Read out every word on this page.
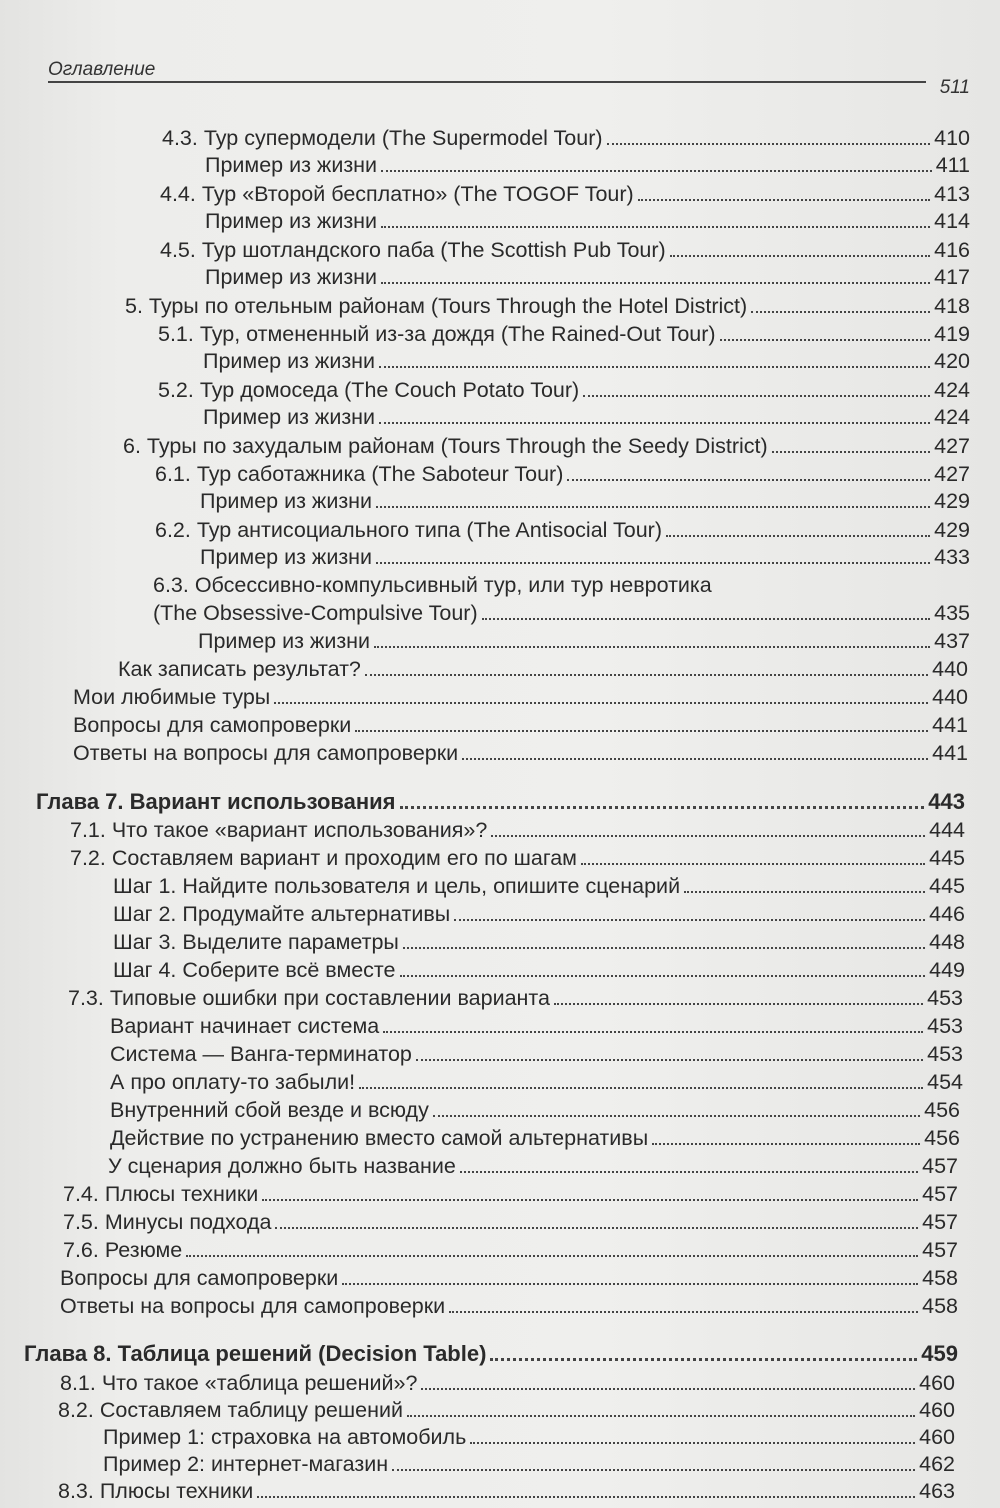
Оглавление
511
4.3. Тур супермодели (The Supermodel Tour)	410
Пример из жизни	411
4.4. Тур «Второй бесплатно» (The TOGOF Tour)	413
Пример из жизни	414
4.5. Тур шотландского паба (The Scottish Pub Tour)	416
Пример из жизни	417
5. Туры по отельным районам (Tours Through the Hotel District)	418
5.1. Тур, отмененный из-за дождя (The Rained-Out Tour)	419
Пример из жизни	420
5.2. Тур домоседа (The Couch Potato Tour)	424
Пример из жизни	424
6. Туры по захудалым районам (Tours Through the Seedy District)	427
6.1. Тур саботажника (The Saboteur Tour)	427
Пример из жизни	429
6.2. Тур антисоциального типа (The Antisocial Tour)	429
Пример из жизни	433
6.3. Обсессивно-компульсивный тур, или тур невротика
(The Obsessive-Compulsive Tour)	435
Пример из жизни	437
Как записать результат?	440
Мои любимые туры	440
Вопросы для самопроверки	441
Ответы на вопросы для самопроверки	441
Глава 7. Вариант использования	443
7.1. Что такое «вариант использования»?	444
7.2. Составляем вариант и проходим его по шагам	445
Шаг 1. Найдите пользователя и цель, опишите сценарий	445
Шаг 2. Продумайте альтернативы	446
Шаг 3. Выделите параметры	448
Шаг 4. Соберите всё вместе	449
7.3. Типовые ошибки при составлении варианта	453
Вариант начинает система	453
Система — Ванга-терминатор	453
А про оплату-то забыли!	454
Внутренний сбой везде и всюду	456
Действие по устранению вместо самой альтернативы	456
У сценария должно быть название	457
7.4. Плюсы техники	457
7.5. Минусы подхода	457
7.6. Резюме	457
Вопросы для самопроверки	458
Ответы на вопросы для самопроверки	458
Глава 8. Таблица решений (Decision Table)	459
8.1. Что такое «таблица решений»?	460
8.2. Составляем таблицу решений	460
Пример 1: страховка на автомобиль	460
Пример 2: интернет-магазин	462
8.3. Плюсы техники	463
